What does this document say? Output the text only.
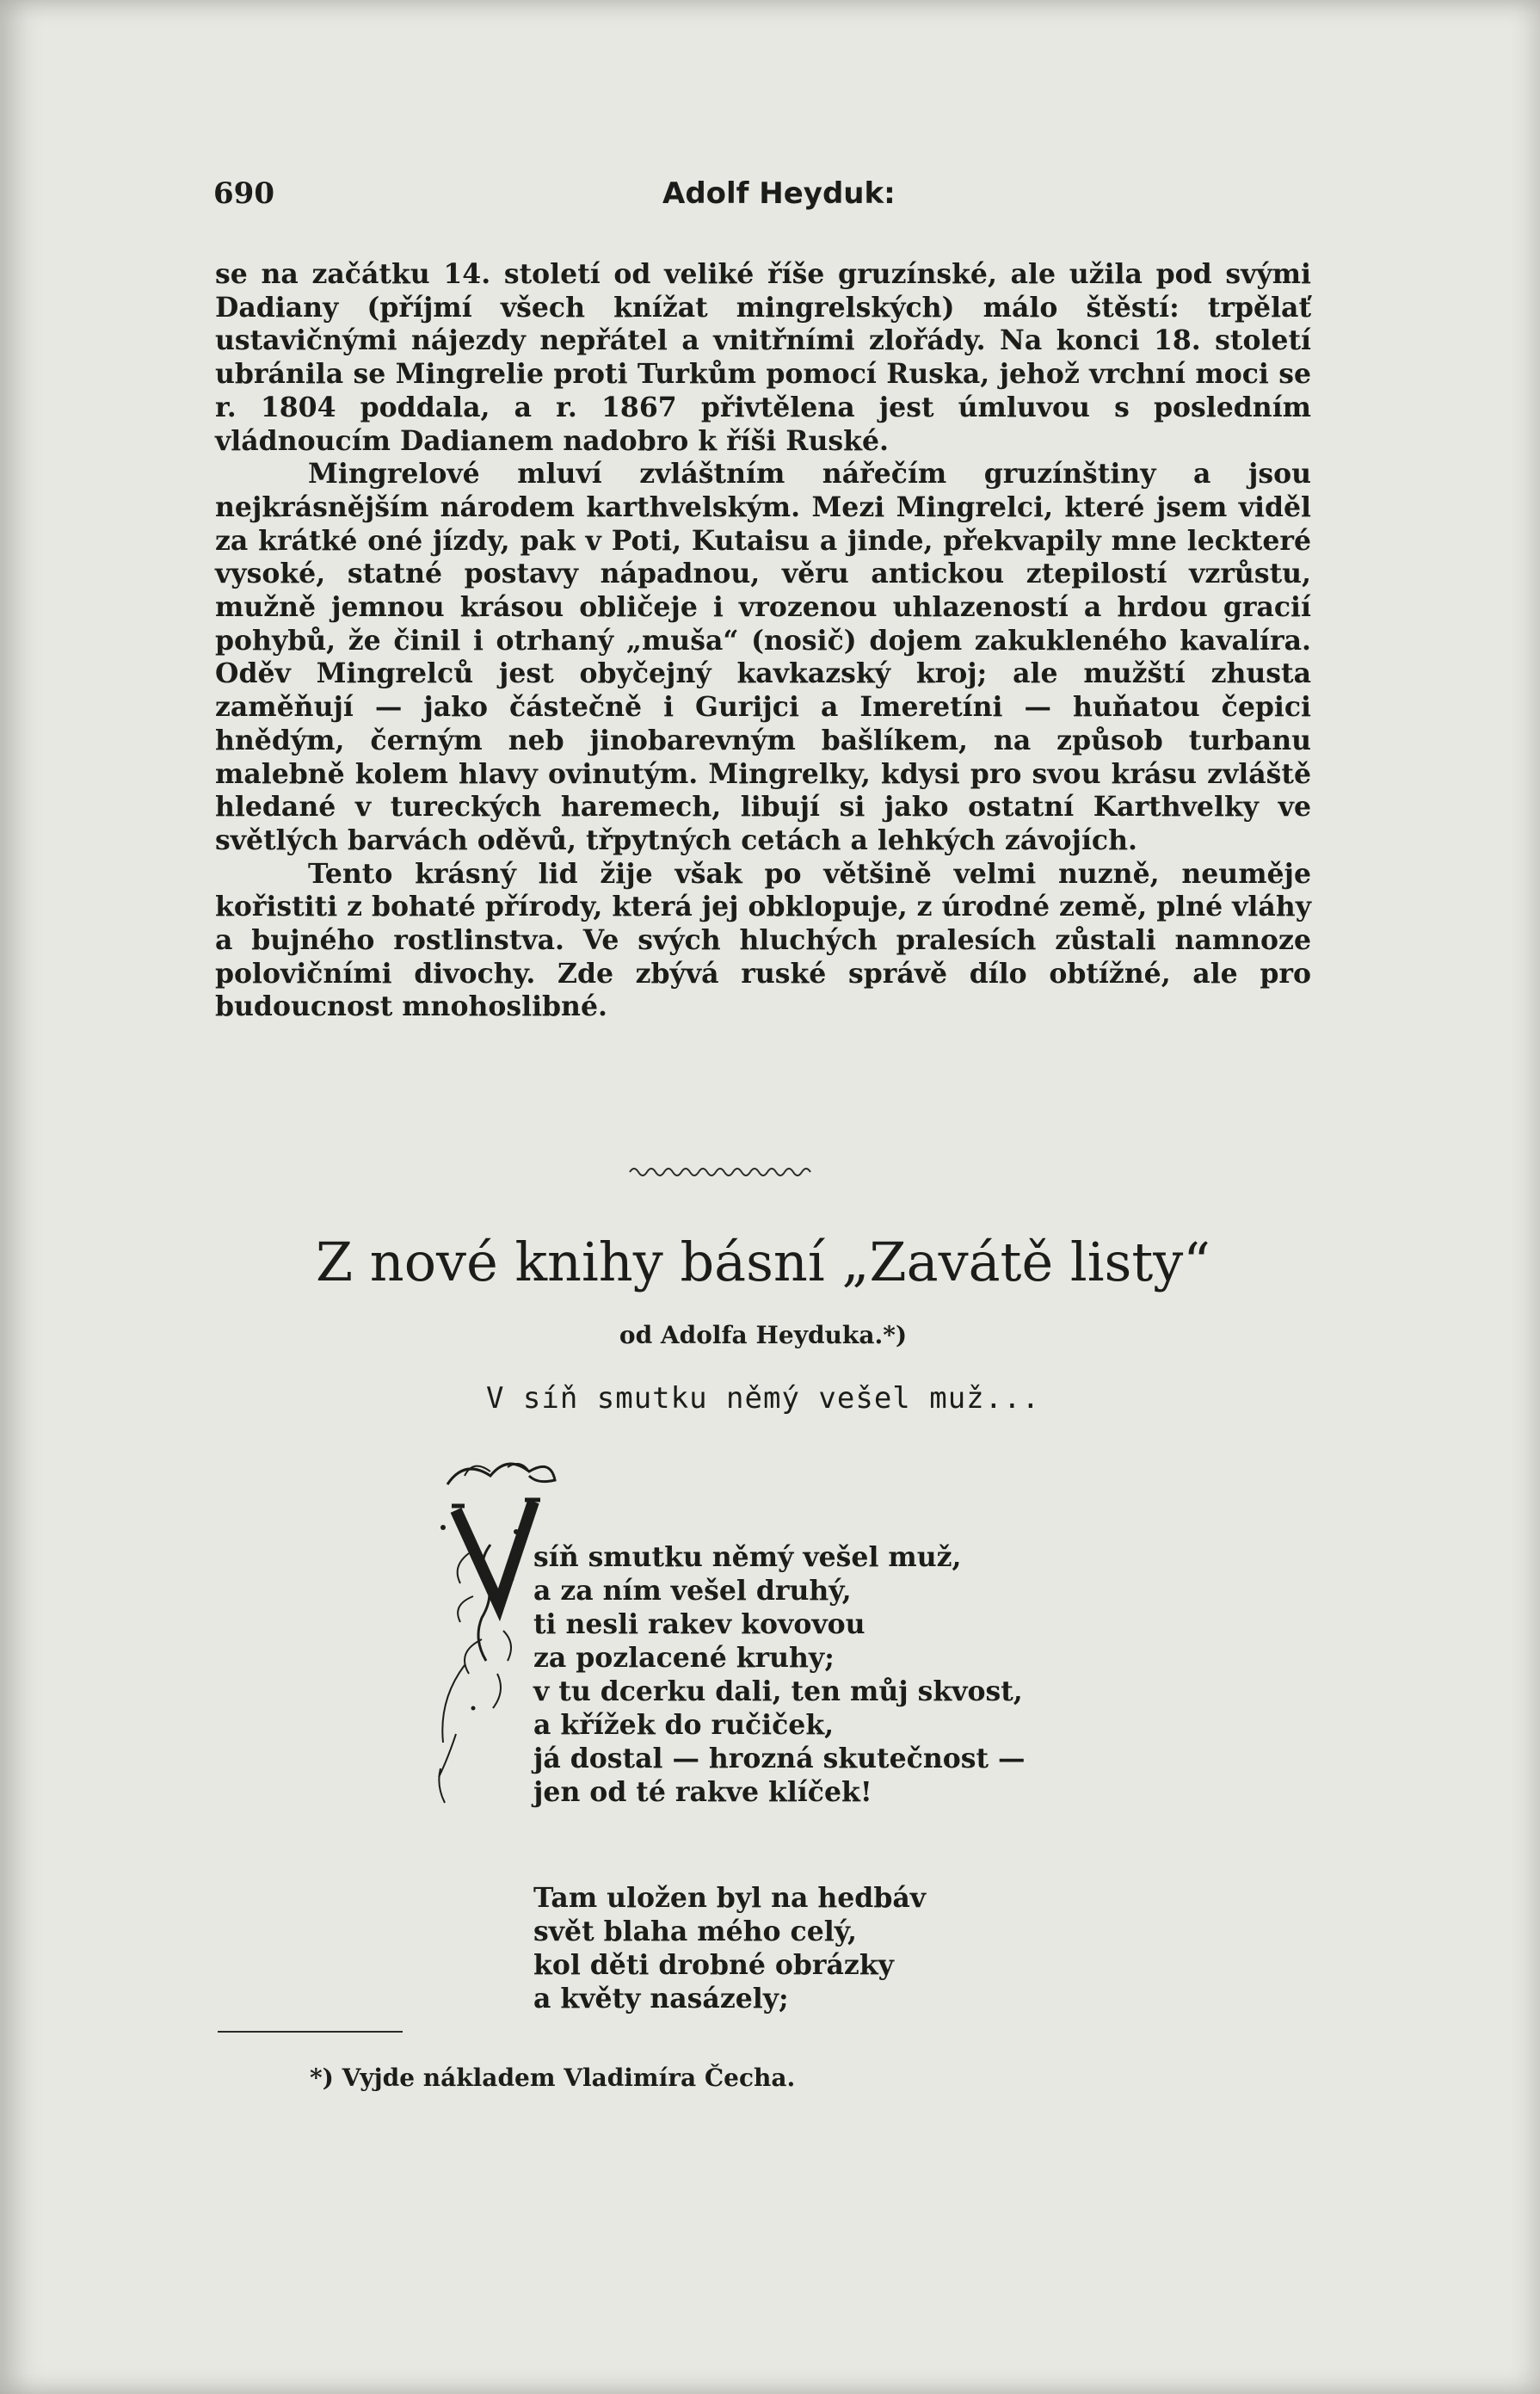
690	Adolf Heyduk:

se na začátku 14. století od veliké říše gruzínské, ale užila pod svými Dadiany (příjmí všech knížat mingrelských) málo štěstí: trpělať ustavičnými nájezdy nepřátel a vnitřními zlořády. Na konci 18. století ubránila se Mingrelie proti Turkům pomocí Ruska, jehož vrchní moci se r. 1804 poddala, a r. 1867 přivtělena jest úmluvou s posledním vládnoucím Dadianem nadobro k říši Ruské.

Mingrelové mluví zvláštním nářečím gruzínštiny a jsou nejkrásnějším národem karthvelským. Mezi Mingrelci, které jsem viděl za krátké oné jízdy, pak v Poti, Kutaisu a jinde, překvapily mne leckteré vysoké, statné postavy nápadnou, věru antickou ztepilostí vzrůstu, mužně jemnou krásou obličeje i vrozenou uhlazeností a hrdou gracií pohybů, že činil i otrhaný „muša“ (nosič) dojem zakukleného kavalíra. Oděv Mingrelců jest obyčejný kavkazský kroj; ale mužští zhusta zaměňují — jako částečně i Gurijci a Imeretíni — huňatou čepici hnědým, černým neb jinobarevným bašlíkem, na způsob turbanu malebně kolem hlavy ovinutým. Mingrelky, kdysi pro svou krásu zvláště hledané v tureckých haremech, libují si jako ostatní Karthvelky ve světlých barvách oděvů, třpytných cetách a lehkých závojích.

Tento krásný lid žije však po většině velmi nuzně, neuměje kořistiti z bohaté přírody, která jej obklopuje, z úrodné země, plné vláhy a bujného rostlinstva. Ve svých hluchých pralesích zůstali namnoze polovičními divochy. Zde zbývá ruské správě dílo obtížné, ale pro budoucnost mnohoslibné.

Z nové knihy básní „Zavátě listy“
od Adolfa Heyduka.*)
V síň smutku němý vešel muž...
síň smutku němý vešel muž,
a za ním vešel druhý,
ti nesli rakev kovovou
za pozlacené kruhy;
v tu dcerku dali, ten můj skvost,
a křížek do ručiček,
já dostal — hrozná skutečnost —
jen od té rakve klíček!
Tam uložen byl na hedbáv
svět blaha mého celý,
kol děti drobné obrázky
a květy nasázely;
*) Vyjde nákladem Vladimíra Čecha.
